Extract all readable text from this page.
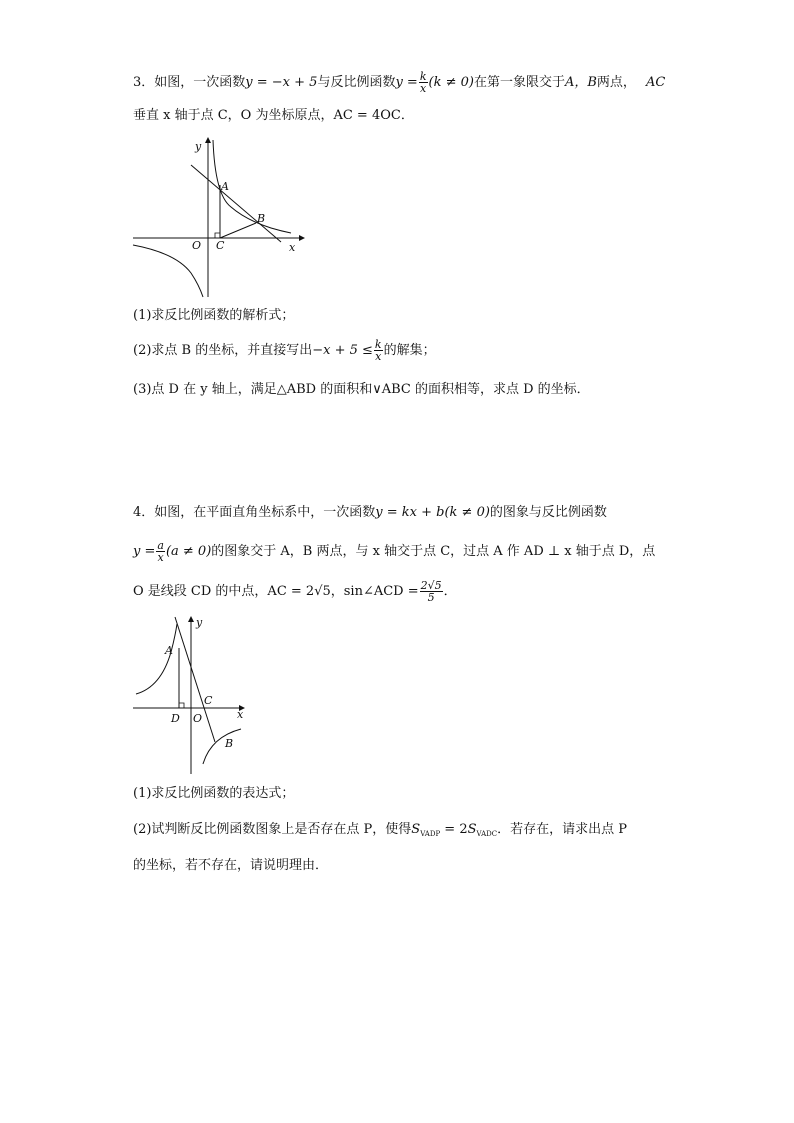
3．如图，一次函数y = −x + 5与反比例函数$y = \frac{k}{x} (k \ne 0)$在第一象限交于A，B两点， AC
垂直 x 轴于点 C，O 为坐标原点，AC = 4OC．
y
x
O
A
B
C
(1)求反比例函数的解析式；
(2)求点 B 的坐标，并直接写出$-x + 5 \le \frac{k}{x}$ 的解集；
(3)点 D 在 y 轴上，满足△ABD 的面积和∨ABC 的面积相等，求点 D 的坐标．
4．如图，在平面直角坐标系中，一次函数y = kx + b(k ≠ 0)的图象与反比例函数
$y = \frac{a}{x} (a \ne 0)$的图象交于 A，B 两点，与 x 轴交于点 C，过点 A 作 AD ⊥ x 轴于点 D，点
O 是线段 CD 的中点，AC = 2√5，sin∠ACD = $\frac{2√5}{5}$ ．
y
x
O
A
B
C
D
(1)求反比例函数的表达式；
(2)试判断反比例函数图象上是否存在点 P，使得$S_{VADP} = 2S_{VADC}$．若存在，请求出点 P
的坐标，若不存在，请说明理由．
